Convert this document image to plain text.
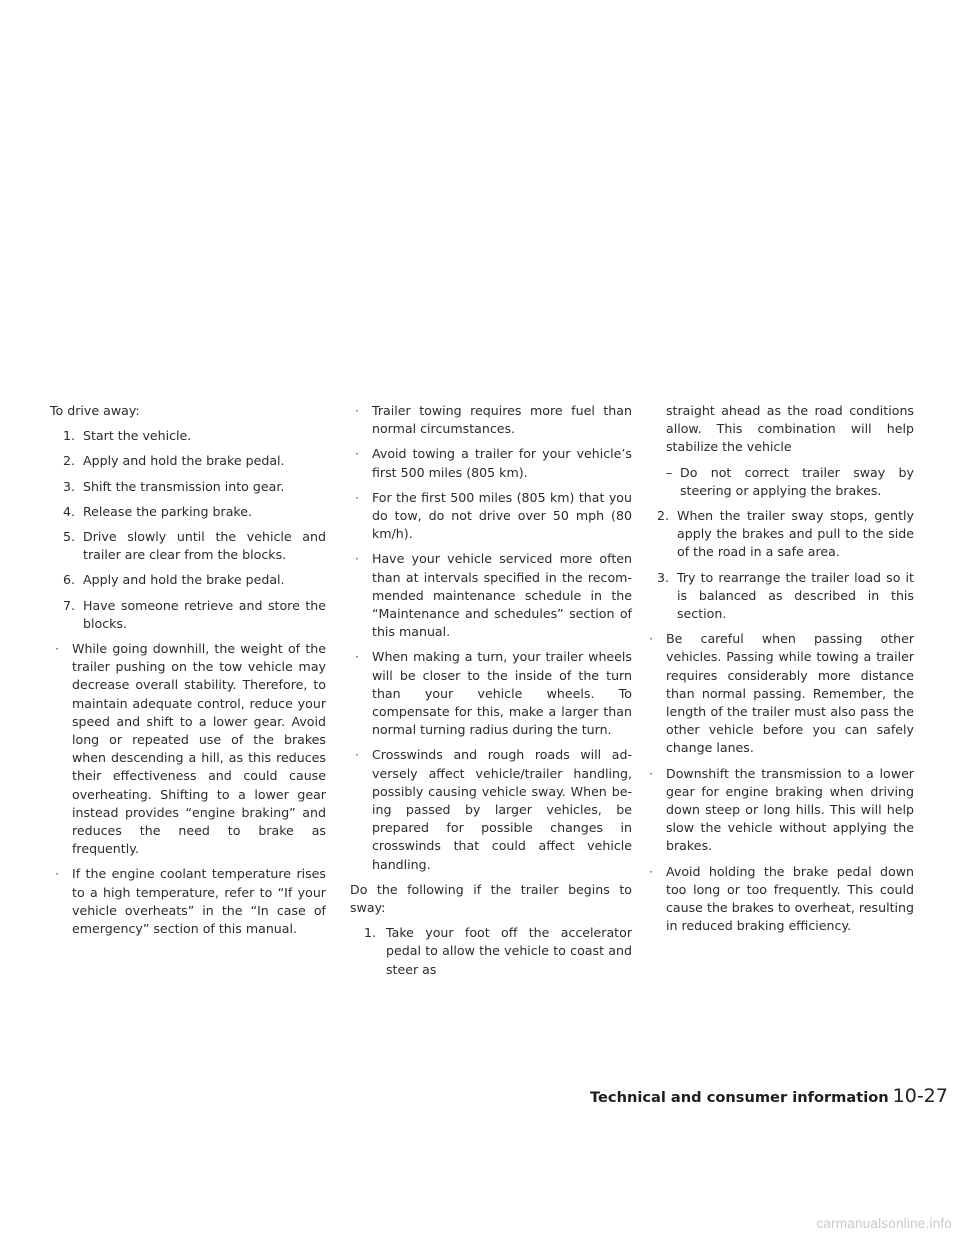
To drive away:
1. Start the vehicle.
2. Apply and hold the brake pedal.
3. Shift the transmission into gear.
4. Release the parking brake.
5. Drive slowly until the vehicle and trailer are clear from the blocks.
6. Apply and hold the brake pedal.
7. Have someone retrieve and store the blocks.
· While going downhill, the weight of the trailer pushing on the tow vehicle may decrease overall stability. Therefore, to maintain adequate control, reduce your speed and shift to a lower gear. Avoid long or repeated use of the brakes when descending a hill, as this reduces their effectiveness and could cause overheating. Shifting to a lower gear instead provides “engine braking” and reduces the need to brake as frequently.
· If the engine coolant temperature rises to a high temperature, refer to “If your vehicle overheats” in the “In case of emergency” section of this manual.
· Trailer towing requires more fuel than normal circumstances.
· Avoid towing a trailer for your vehicle’s first 500 miles (805 km).
· For the first 500 miles (805 km) that you do tow, do not drive over 50 mph (80 km/h).
· Have your vehicle serviced more often than at intervals specified in the recommended maintenance schedule in the “Maintenance and schedules” section of this manual.
· When making a turn, your trailer wheels will be closer to the inside of the turn than your vehicle wheels. To compensate for this, make a larger than normal turning radius during the turn.
· Crosswinds and rough roads will adversely affect vehicle/trailer handling, possibly causing vehicle sway. When being passed by larger vehicles, be prepared for possible changes in crosswinds that could affect vehicle handling.
Do the following if the trailer begins to sway:
1. Take your foot off the accelerator pedal to allow the vehicle to coast and steer as
straight ahead as the road conditions allow. This combination will help stabilize the vehicle
– Do not correct trailer sway by steering or applying the brakes.
2. When the trailer sway stops, gently apply the brakes and pull to the side of the road in a safe area.
3. Try to rearrange the trailer load so it is balanced as described in this section.
· Be careful when passing other vehicles. Passing while towing a trailer requires considerably more distance than normal passing. Remember, the length of the trailer must also pass the other vehicle before you can safely change lanes.
· Downshift the transmission to a lower gear for engine braking when driving down steep or long hills. This will help slow the vehicle without applying the brakes.
· Avoid holding the brake pedal down too long or too frequently. This could cause the brakes to overheat, resulting in reduced braking efficiency.
Technical and consumer information 10-27
carmanualsonline.info
